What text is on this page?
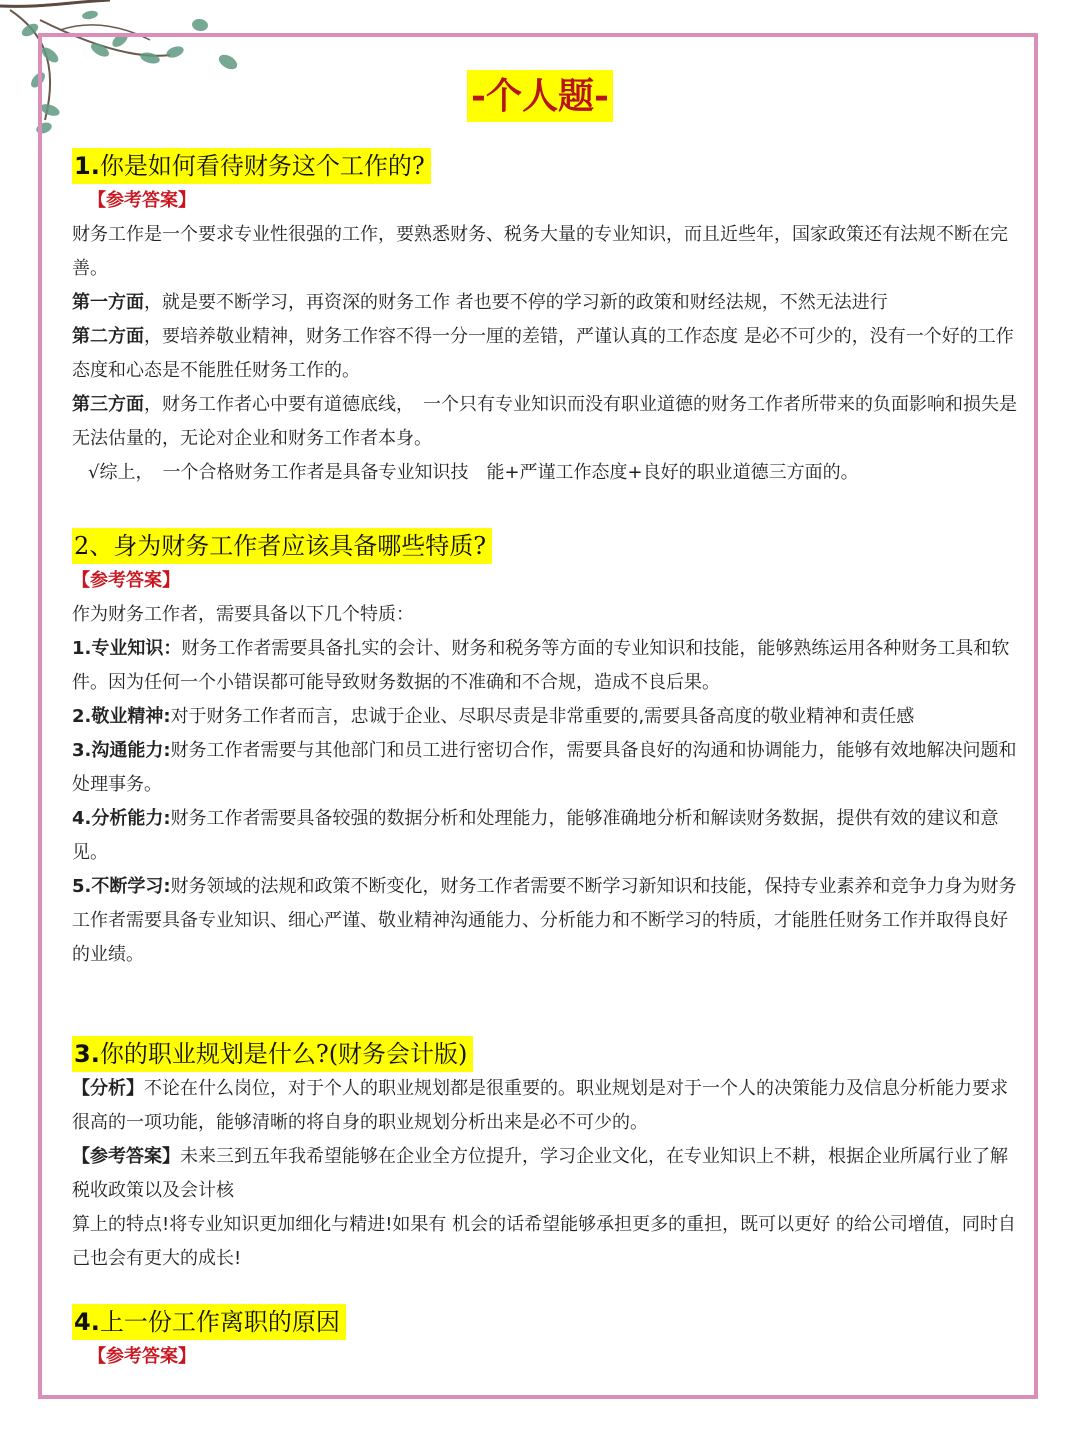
-个人题-
1.你是如何看待财务这个工作的?
【参考答案】

财务工作是一个要求专业性很强的工作，要熟悉财务、税务大量的专业知识，而且近些年，国家政策还有法规不断在完善。

第一方面，就是要不断学习，再资深的财务工作 者也要不停的学习新的政策和财经法规，不然无法进行

第二方面，要培养敬业精神，财务工作容不得一分一厘的差错，严谨认真的工作态度 是必不可少的，没有一个好的工作态度和心态是不能胜任财务工作的。

第三方面，财务工作者心中要有道德底线，　一个只有专业知识而没有职业道德的财务工作者所带来的负面影响和损失是无法估量的，无论对企业和财务工作者本身。

√综上，　一个合格财务工作者是具备专业知识技　能+严谨工作态度+良好的职业道德三方面的。

2、身为财务工作者应该具备哪些特质?
【参考答案】

作为财务工作者，需要具备以下几个特质：

1.专业知识：财务工作者需要具备扎实的会计、财务和税务等方面的专业知识和技能，能够熟练运用各种财务工具和软件。因为任何一个小错误都可能导致财务数据的不准确和不合规，造成不良后果。

2.敬业精神:对于财务工作者而言，忠诚于企业、尽职尽责是非常重要的,需要具备高度的敬业精神和责任感

3.沟通能力:财务工作者需要与其他部门和员工进行密切合作，需要具备良好的沟通和协调能力，能够有效地解决问题和处理事务。

4.分析能力:财务工作者需要具备较强的数据分析和处理能力，能够准确地分析和解读财务数据，提供有效的建议和意见。

5.不断学习:财务领域的法规和政策不断变化，财务工作者需要不断学习新知识和技能，保持专业素养和竞争力身为财务工作者需要具备专业知识、细心严谨、敬业精神沟通能力、分析能力和不断学习的特质，才能胜任财务工作并取得良好的业绩。

3.你的职业规划是什么?(财务会计版)

【分析】不论在什么岗位，对于个人的职业规划都是很重要的。职业规划是对于一个人的决策能力及信息分析能力要求很高的一项功能，能够清晰的将自身的职业规划分析出来是必不可少的。

【参考答案】未来三到五年我希望能够在企业全方位提升，学习企业文化，在专业知识上不耕，根据企业所属行业了解税收政策以及会计核

算上的特点!将专业知识更加细化与精进!如果有 机会的话希望能够承担更多的重担，既可以更好 的给公司增值，同时自己也会有更大的成长!

4.上一份工作离职的原因
【参考答案】
